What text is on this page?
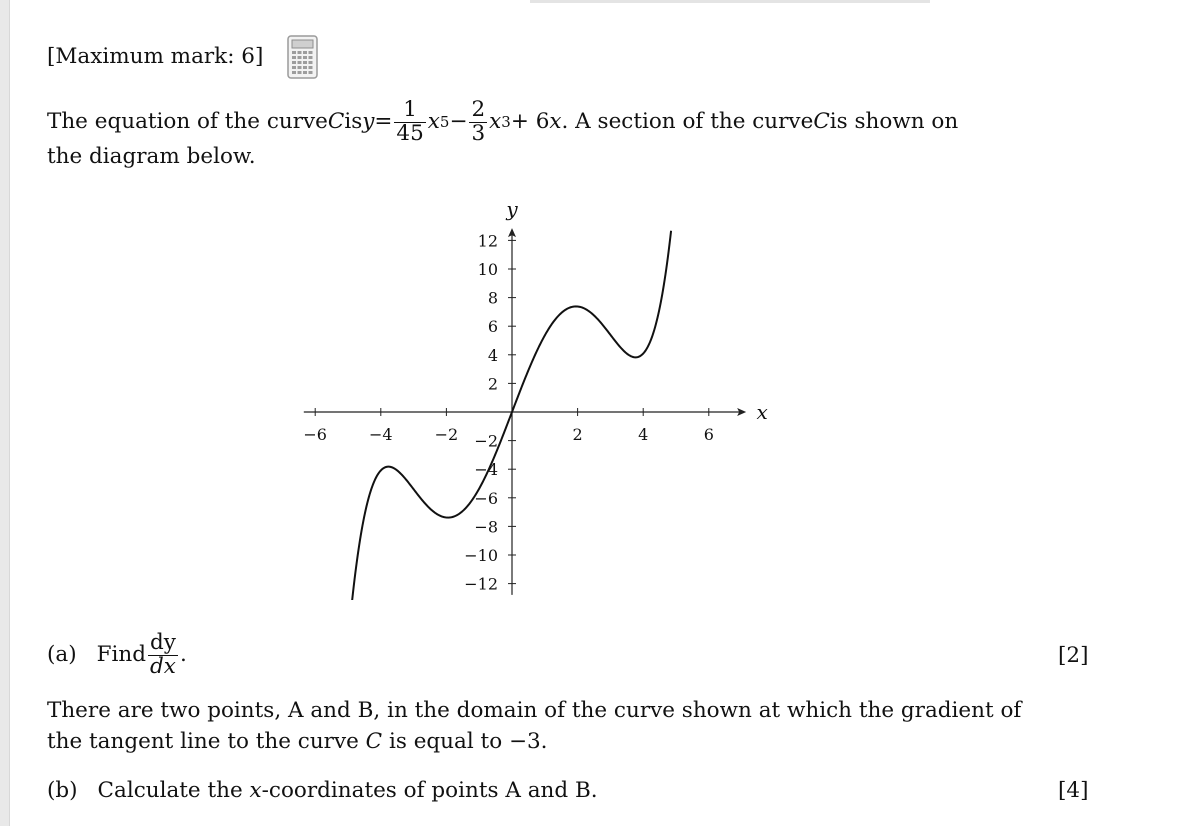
[Maximum mark: 6]
The equation of the curve C is $y = \frac{1}{45}$ x $5 - \frac{2}{3}$ x 3 + 6 x . A section of the curve C is shown on
the diagram below.
x
y
−6	−4	−2	2	4	6
−12
−10
−8
−6
−4
−2
2
4
6
8
10
12
(a) Find $\frac{dy}{dx}$ .	[2]
There are two points, A and B, in the domain of the curve shown at which the gradient of
the tangent line to the curve C is equal to −3.
(b) Calculate the x-coordinates of points A and B.	[4]
